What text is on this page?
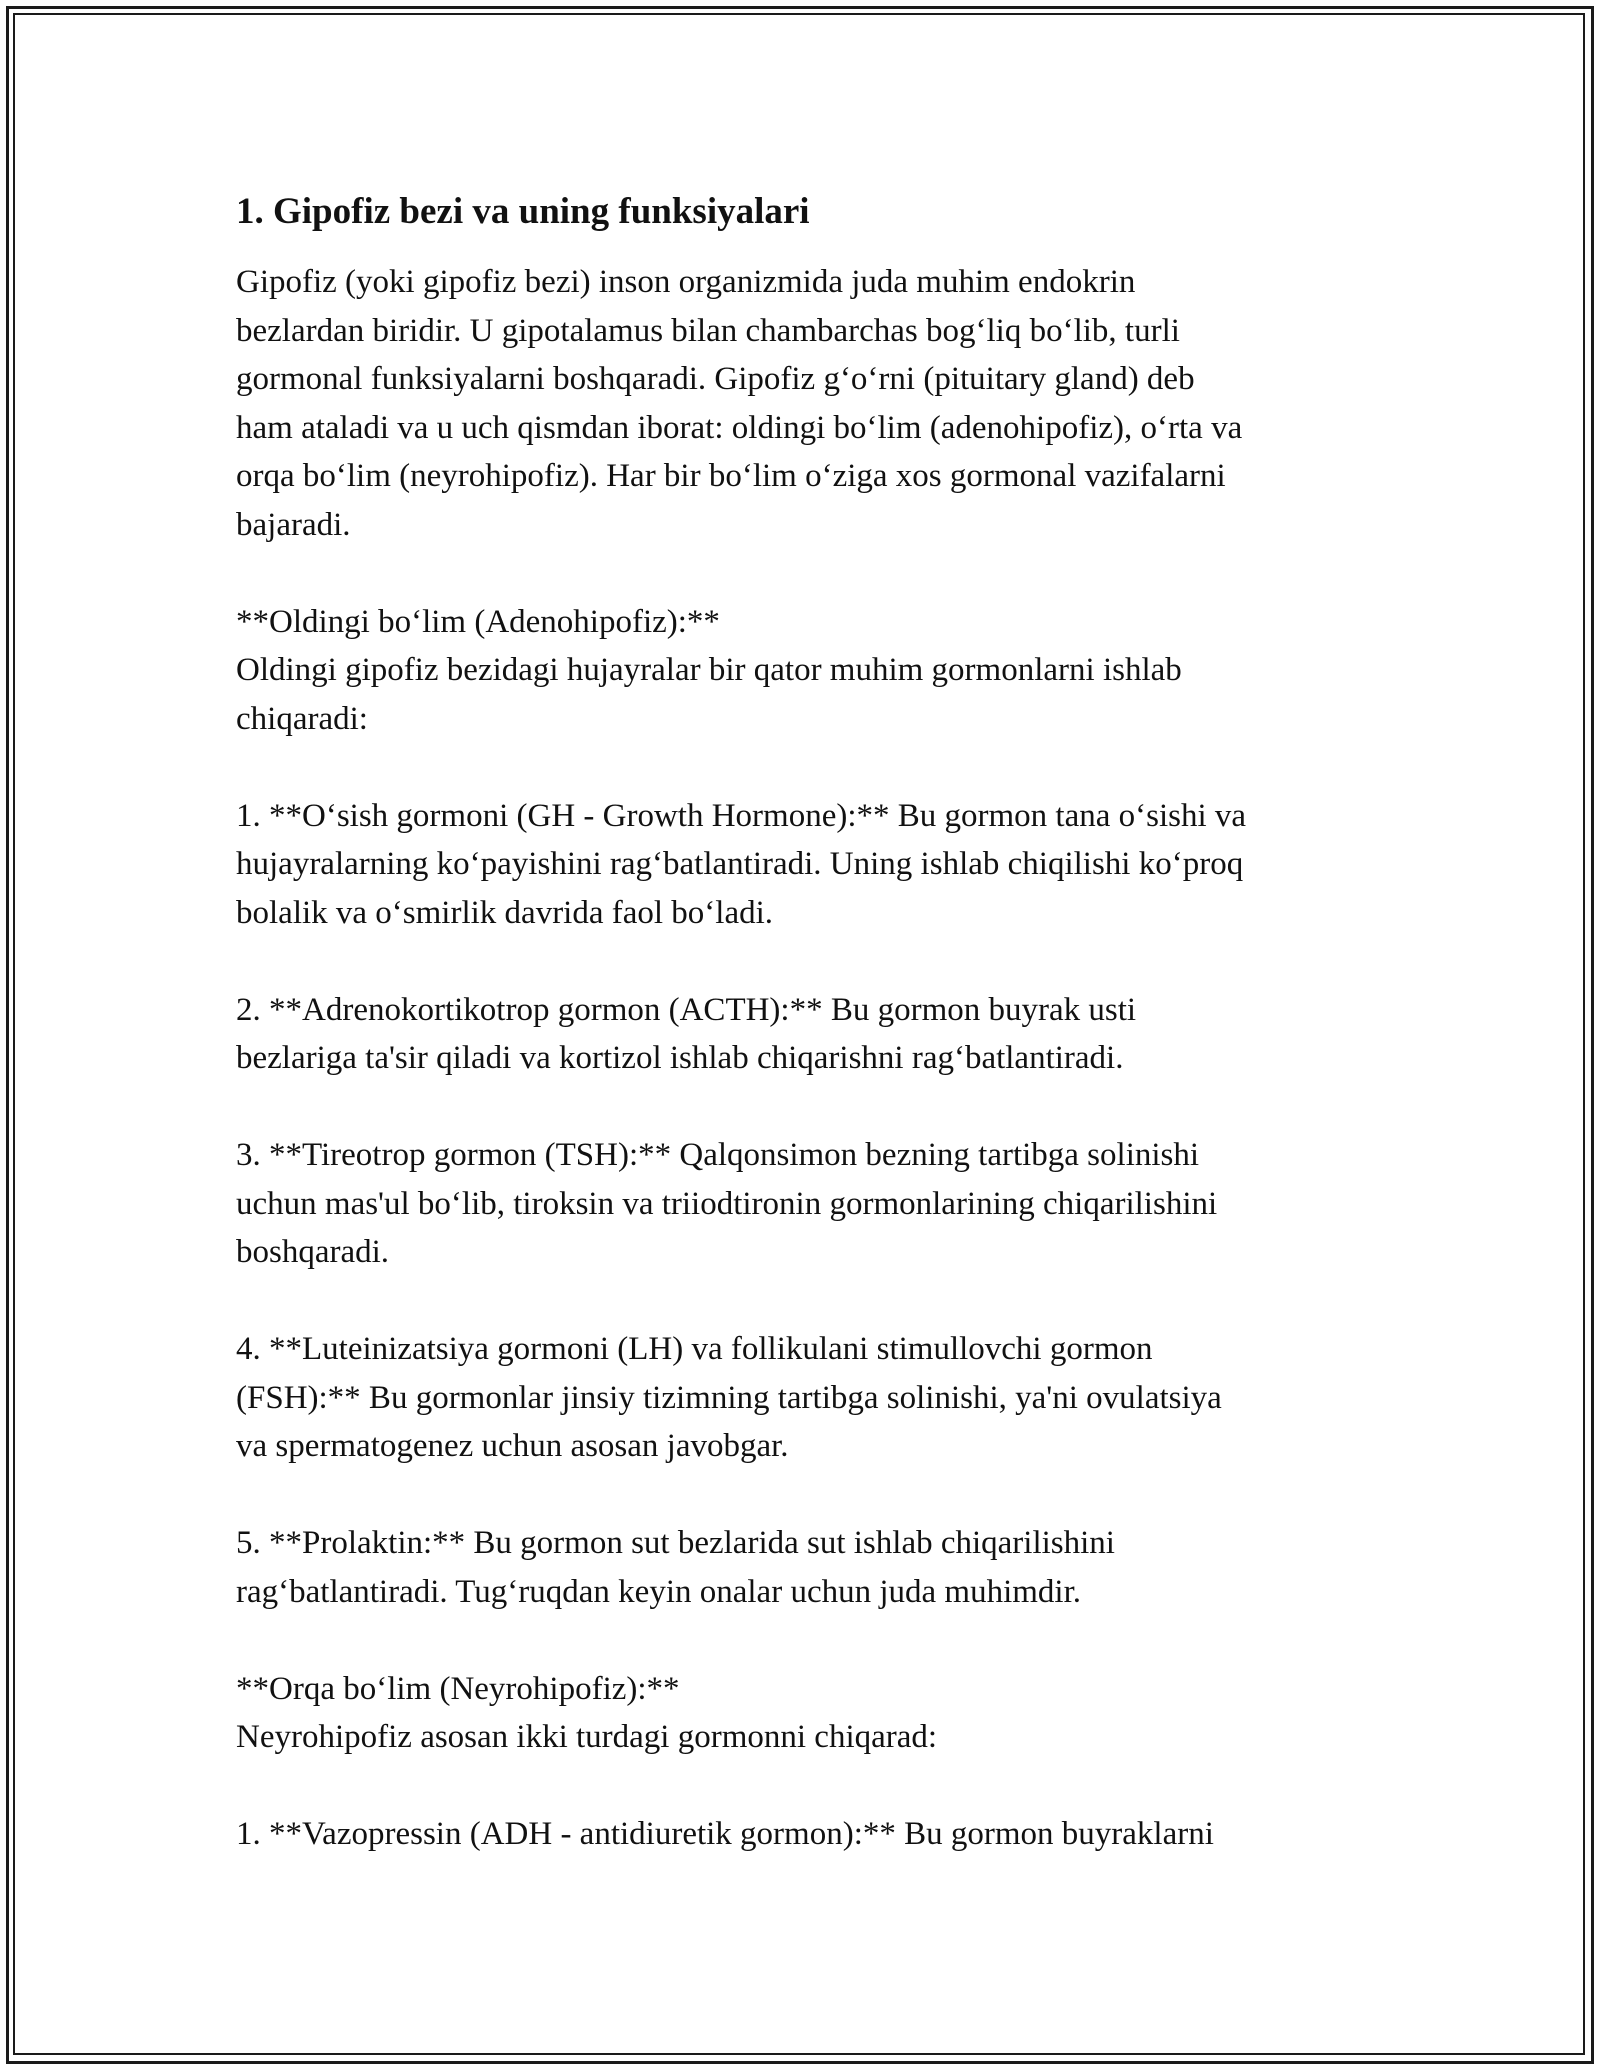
1. Gipofiz bezi va uning funksiyalari
Gipofiz (yoki gipofiz bezi) inson organizmida juda muhim endokrin
bezlardan biridir. U gipotalamus bilan chambarchas bogʻliq boʻlib, turli
gormonal funksiyalarni boshqaradi. Gipofiz gʻoʻrni (pituitary gland) deb
ham ataladi va u uch qismdan iborat: oldingi boʻlim (adenohipofiz), oʻrta va
orqa boʻlim (neyrohipofiz). Har bir boʻlim oʻziga xos gormonal vazifalarni
bajaradi.
**Oldingi boʻlim (Adenohipofiz):**
Oldingi gipofiz bezidagi hujayralar bir qator muhim gormonlarni ishlab
chiqaradi:
1. **Oʻsish gormoni (GH - Growth Hormone):** Bu gormon tana oʻsishi va
hujayralarning koʻpayishini ragʻbatlantiradi. Uning ishlab chiqilishi koʻproq
bolalik va oʻsmirlik davrida faol boʻladi.
2. **Adrenokortikotrop gormon (ACTH):** Bu gormon buyrak usti
bezlariga ta'sir qiladi va kortizol ishlab chiqarishni ragʻbatlantiradi.
3. **Tireotrop gormon (TSH):** Qalqonsimon bezning tartibga solinishi
uchun mas'ul boʻlib, tiroksin va triiodtironin gormonlarining chiqarilishini
boshqaradi.
4. **Luteinizatsiya gormoni (LH) va follikulani stimullovchi gormon
(FSH):** Bu gormonlar jinsiy tizimning tartibga solinishi, ya'ni ovulatsiya
va spermatogenez uchun asosan javobgar.
5. **Prolaktin:** Bu gormon sut bezlarida sut ishlab chiqarilishini
ragʻbatlantiradi. Tugʻruqdan keyin onalar uchun juda muhimdir.
**Orqa boʻlim (Neyrohipofiz):**
Neyrohipofiz asosan ikki turdagi gormonni chiqarad:
1. **Vazopressin (ADH - antidiuretik gormon):** Bu gormon buyraklarni
